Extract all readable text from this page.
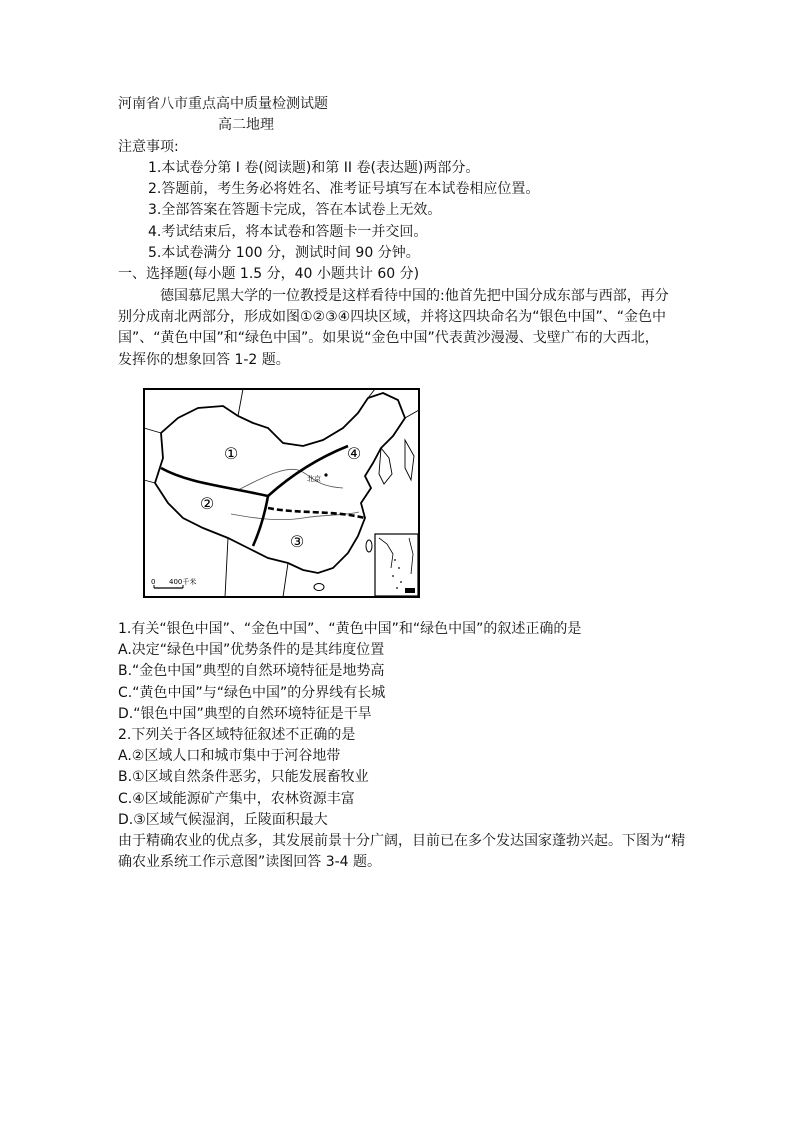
河南省八市重点高中质量检测试题
高二地理
注意事项:
1.本试卷分第 I 卷(阅读题)和第 II 卷(表达题)两部分。
2.答题前，考生务必将姓名、准考证号填写在本试卷相应位置。
3.全部答案在答题卡完成，答在本试卷上无效。
4.考试结束后，将本试卷和答题卡一并交回。
5.本试卷满分 100 分，测试时间 90 分钟。
一、选择题(每小题 1.5 分，40 小题共计 60 分)
德国慕尼黑大学的一位教授是这样看待中国的:他首先把中国分成东部与西部，再分
别分成南北两部分，形成如图①②③④四块区域，并将这四块命名为“银色中国”、“金色中
国”、“黄色中国”和“绿色中国”。如果说“金色中国”代表黄沙漫漫、戈壁广布的大西北，
发挥你的想象回答 1-2 题。
①
②
③
④
北京
0 400千米
1.有关“银色中国”、“金色中国”、“黄色中国”和“绿色中国”的叙述正确的是
A.决定“绿色中国”优势条件的是其纬度位置
B.“金色中国”典型的自然环境特征是地势高
C.“黄色中国”与“绿色中国”的分界线有长城
D.“银色中国”典型的自然环境特征是干旱
2.下列关于各区域特征叙述不正确的是
A.②区域人口和城市集中于河谷地带
B.①区域自然条件恶劣，只能发展畜牧业
C.④区域能源矿产集中，农林资源丰富
D.③区域气候湿润，丘陵面积最大
由于精确农业的优点多，其发展前景十分广阔，目前已在多个发达国家蓬勃兴起。下图为“精
确农业系统工作示意图”读图回答 3-4 题。
